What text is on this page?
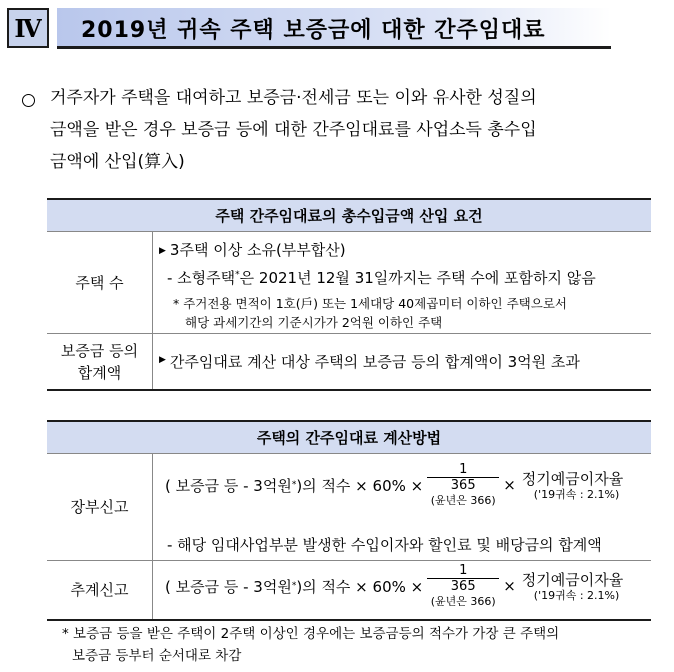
Ⅳ	2019년 귀속 주택 보증금에 대한 간주임대료
거주자가 주택을 대여하고 보증금·전세금 또는 이와 유사한 성질의
금액을 받은 경우 보증금 등에 대한 간주임대료를 사업소득 총수입
금액에 산입(算入)
주택 간주임대료의 총수입금액 산입 요건
주택 수
▶ 3주택 이상 소유(부부합산)
- 소형주택*은 2021년 12월 31일까지는 주택 수에 포함하지 않음
* 주거전용 면적이 1호(戶) 또는 1세대당 40제곱미터 이하인 주택으로서
해당 과세기간의 기준시가가 2억원 이하인 주택
보증금 등의
합계액
▶ 간주임대료 계산 대상 주택의 보증금 등의 합계액이 3억원 초과
주택의 간주임대료 계산방법
장부신고
( 보증금 등 - 3억원 * )의 적수 × 60% ×
1
365
(윤년은 366)
× 정기예금이자율
('19귀속 : 2.1%)
- 해당 임대사업부분 발생한 수입이자와 할인료 및 배당금의 합계액
추계신고	( 보증금 등 - 3억원 * )의 적수 × 60% ×
1
365
(윤년은 366)
× 정기예금이자율
('19귀속 : 2.1%)
* 보증금 등을 받은 주택이 2주택 이상인 경우에는 보증금등의 적수가 가장 큰 주택의
보증금 등부터 순서대로 차감
